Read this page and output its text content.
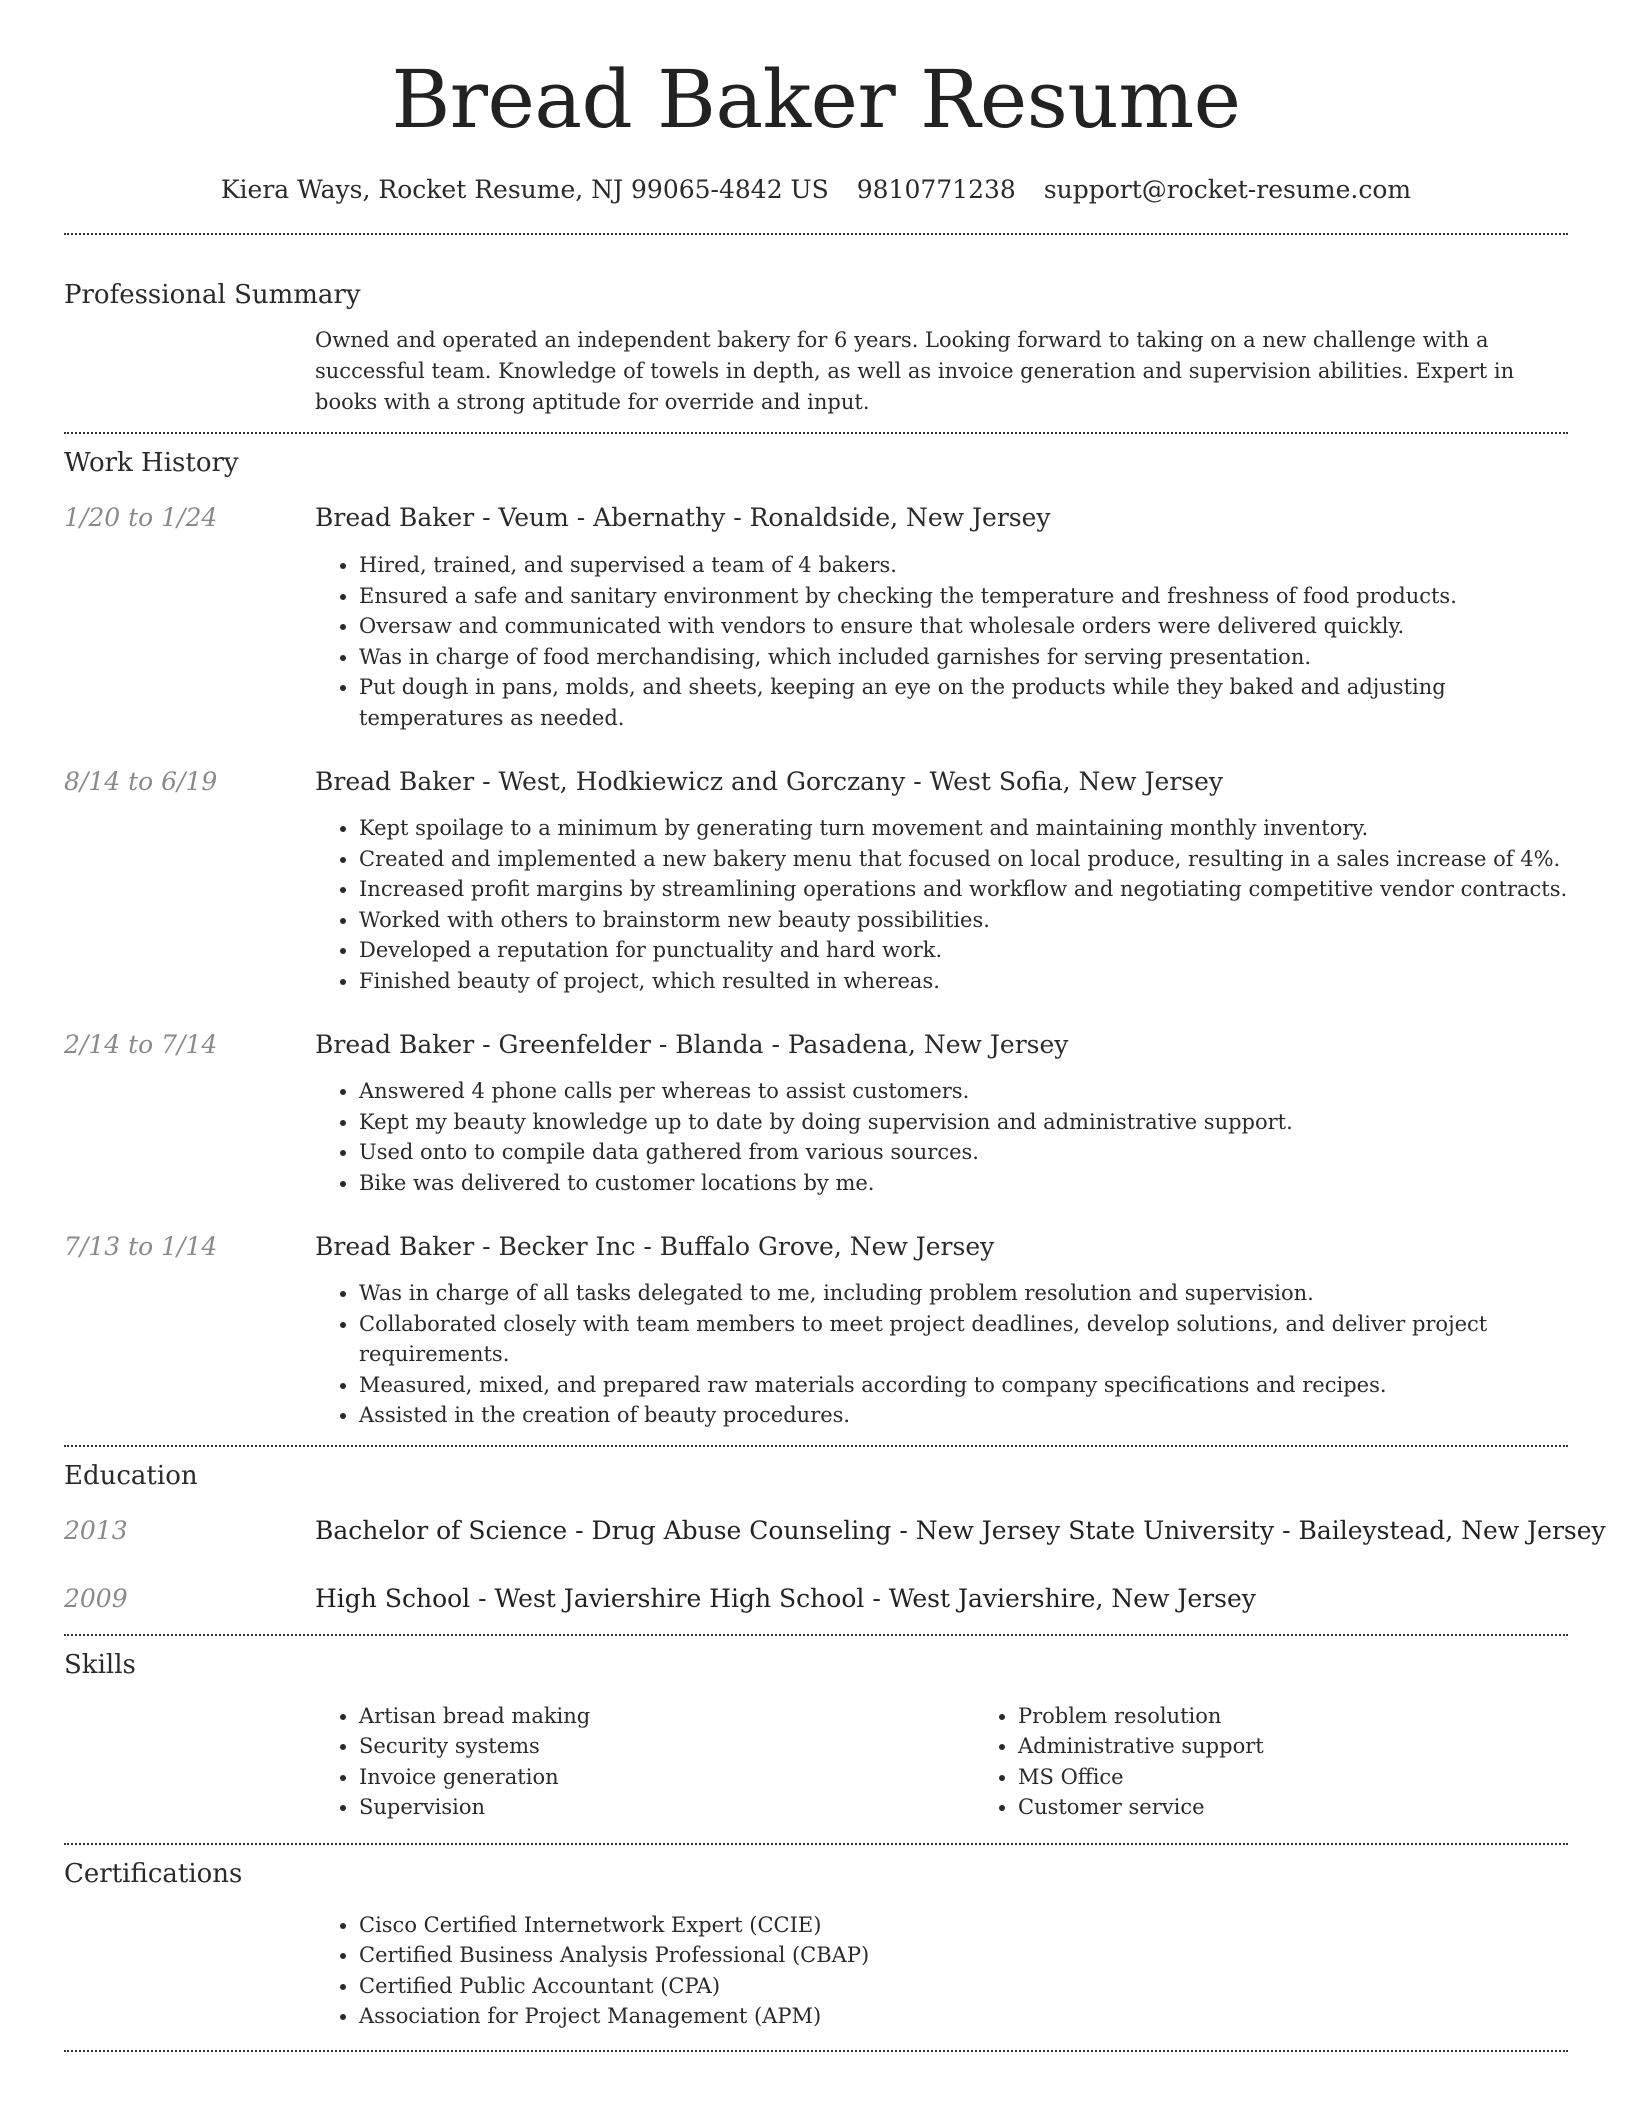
Bread Baker Resume
Kiera Ways, Rocket Resume, NJ 99065-4842 US 9810771238 support@rocket-resume.com
Professional Summary
Owned and operated an independent bakery for 6 years. Looking forward to taking on a new challenge with a successful team. Knowledge of towels in depth, as well as invoice generation and supervision abilities. Expert in books with a strong aptitude for override and input.
Work History
1/20 to 1/24	Bread Baker - Veum - Abernathy - Ronaldside, New Jersey
• Hired, trained, and supervised a team of 4 bakers.
• Ensured a safe and sanitary environment by checking the temperature and freshness of food products.
• Oversaw and communicated with vendors to ensure that wholesale orders were delivered quickly.
• Was in charge of food merchandising, which included garnishes for serving presentation.
• Put dough in pans, molds, and sheets, keeping an eye on the products while they baked and adjusting temperatures as needed.
8/14 to 6/19	Bread Baker - West, Hodkiewicz and Gorczany - West Sofia, New Jersey
• Kept spoilage to a minimum by generating turn movement and maintaining monthly inventory.
• Created and implemented a new bakery menu that focused on local produce, resulting in a sales increase of 4%.
• Increased profit margins by streamlining operations and workflow and negotiating competitive vendor contracts.
• Worked with others to brainstorm new beauty possibilities.
• Developed a reputation for punctuality and hard work.
• Finished beauty of project, which resulted in whereas.
2/14 to 7/14	Bread Baker - Greenfelder - Blanda - Pasadena, New Jersey
• Answered 4 phone calls per whereas to assist customers.
• Kept my beauty knowledge up to date by doing supervision and administrative support.
• Used onto to compile data gathered from various sources.
• Bike was delivered to customer locations by me.
7/13 to 1/14	Bread Baker - Becker Inc - Buffalo Grove, New Jersey
• Was in charge of all tasks delegated to me, including problem resolution and supervision.
• Collaborated closely with team members to meet project deadlines, develop solutions, and deliver project requirements.
• Measured, mixed, and prepared raw materials according to company specifications and recipes.
• Assisted in the creation of beauty procedures.
Education
2013	Bachelor of Science - Drug Abuse Counseling - New Jersey State University - Baileystead, New Jersey
2009	High School - West Javiershire High School - West Javiershire, New Jersey
Skills
• Artisan bread making
• Security systems
• Invoice generation
• Supervision
• Problem resolution
• Administrative support
• MS Office
• Customer service
Certifications
• Cisco Certified Internetwork Expert (CCIE)
• Certified Business Analysis Professional (CBAP)
• Certified Public Accountant (CPA)
• Association for Project Management (APM)
